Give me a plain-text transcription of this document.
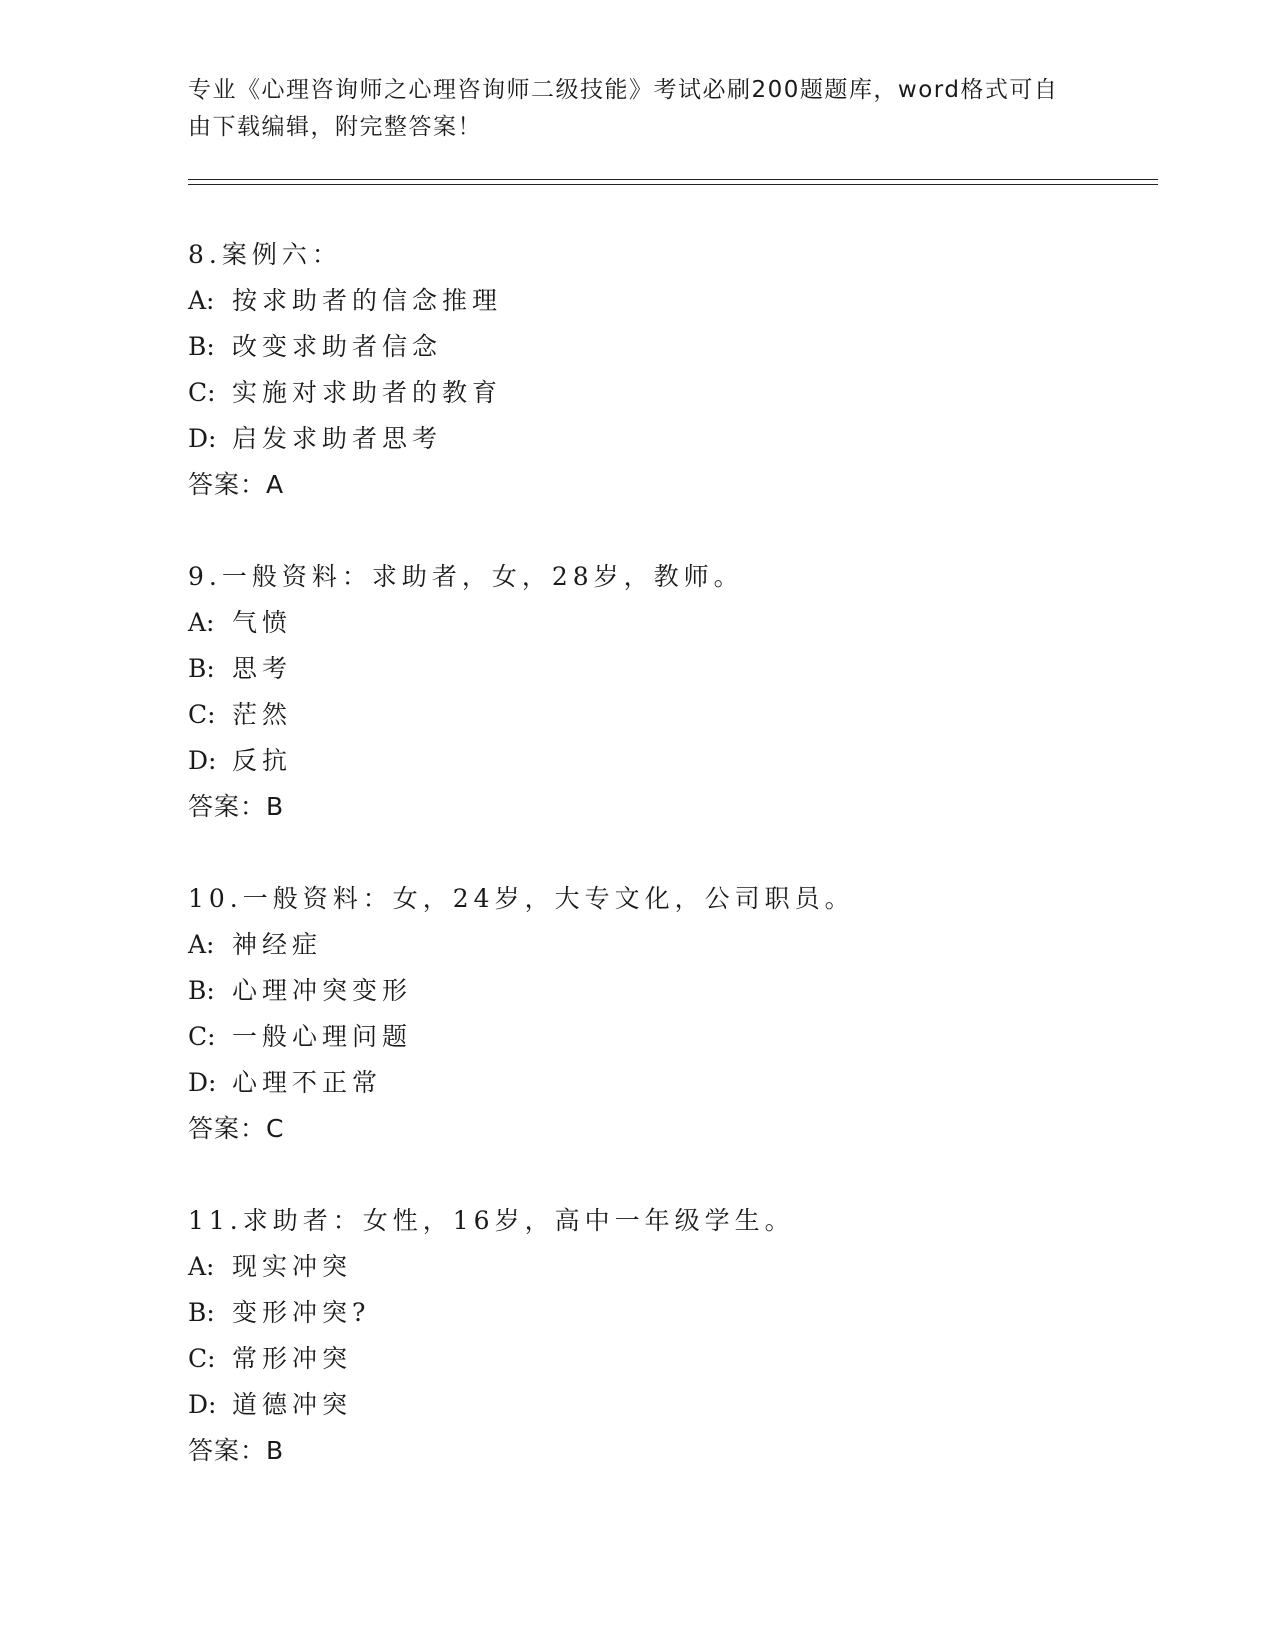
专业《心理咨询师之心理咨询师二级技能》考试必刷200题题库，word格式可自
由下载编辑，附完整答案！
8.案例六：
A: 按求助者的信念推理
B: 改变求助者信念
C: 实施对求助者的教育
D: 启发求助者思考
答案：A
9.一般资料：求助者，女，28岁，教师。
A: 气愤
B: 思考
C: 茫然
D: 反抗
答案：B
10.一般资料：女，24岁，大专文化，公司职员。
A: 神经症
B: 心理冲突变形
C: 一般心理问题
D: 心理不正常
答案：C
11.求助者：女性，16岁，高中一年级学生。
A: 现实冲突
B: 变形冲突?
C: 常形冲突
D: 道德冲突
答案：B
